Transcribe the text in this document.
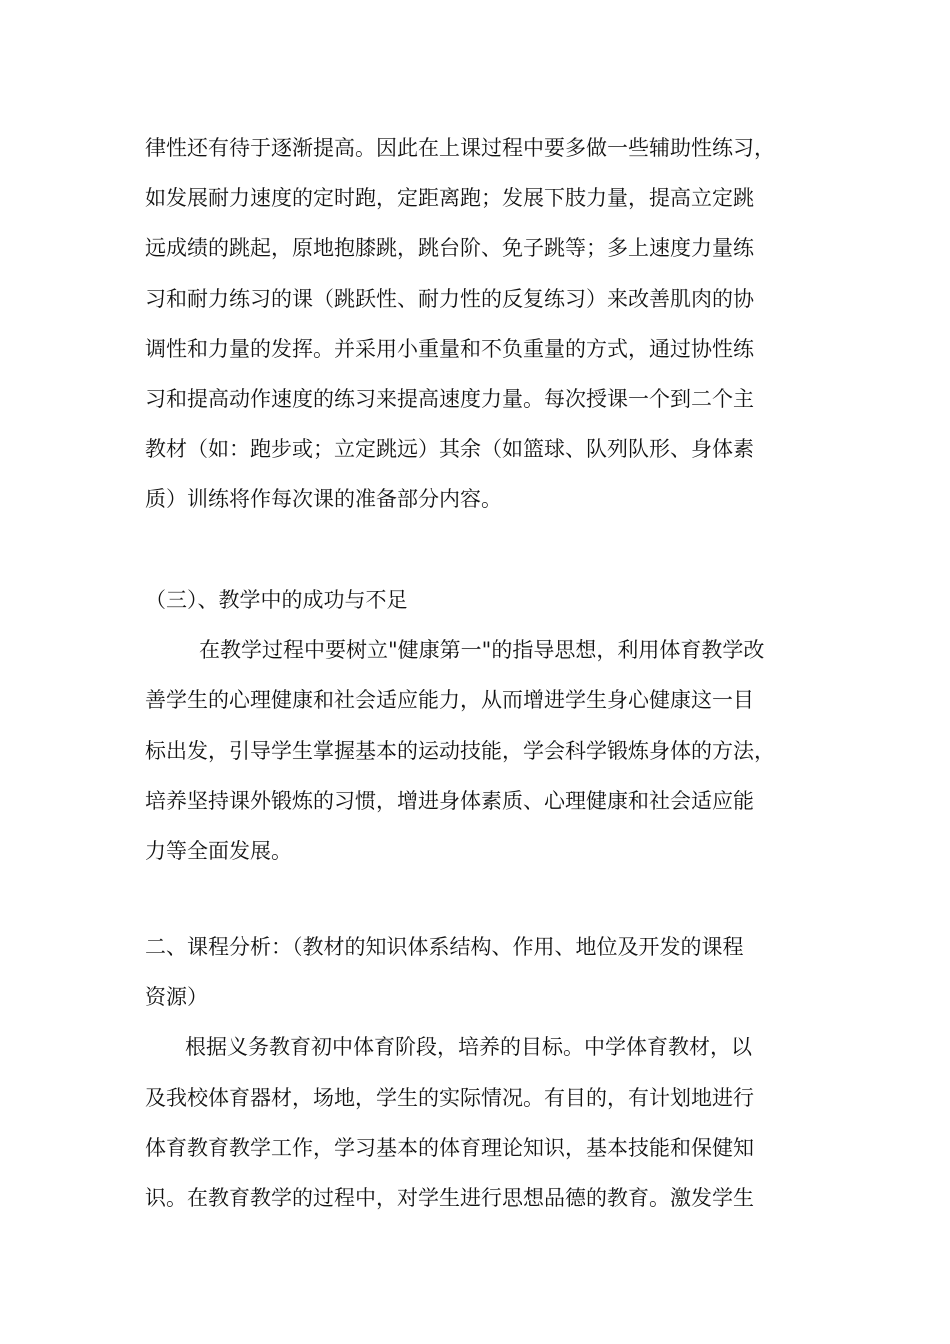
律性还有待于逐渐提高。因此在上课过程中要多做一些辅助性练习，
如发展耐力速度的定时跑，定距离跑；发展下肢力量，提高立定跳
远成绩的跳起，原地抱膝跳，跳台阶、免子跳等；多上速度力量练
习和耐力练习的课（跳跃性、耐力性的反复练习）来改善肌肉的协
调性和力量的发挥。并采用小重量和不负重量的方式，通过协性练
习和提高动作速度的练习来提高速度力量。每次授课一个到二个主
教材（如：跑步或；立定跳远）其余（如篮球、队列队形、身体素
质）训练将作每次课的准备部分内容。
（三）、教学中的成功与不足
在教学过程中要树立"健康第一"的指导思想，利用体育教学改
善学生的心理健康和社会适应能力，从而增进学生身心健康这一目
标出发，引导学生掌握基本的运动技能，学会科学锻炼身体的方法，
培养坚持课外锻炼的习惯，增进身体素质、心理健康和社会适应能
力等全面发展。
二、课程分析：（教材的知识体系结构、作用、地位及开发的课程
资源）
根据义务教育初中体育阶段，培养的目标。中学体育教材，以
及我校体育器材，场地，学生的实际情况。有目的，有计划地进行
体育教育教学工作，学习基本的体育理论知识，基本技能和保健知
识。在教育教学的过程中，对学生进行思想品德的教育。激发学生
